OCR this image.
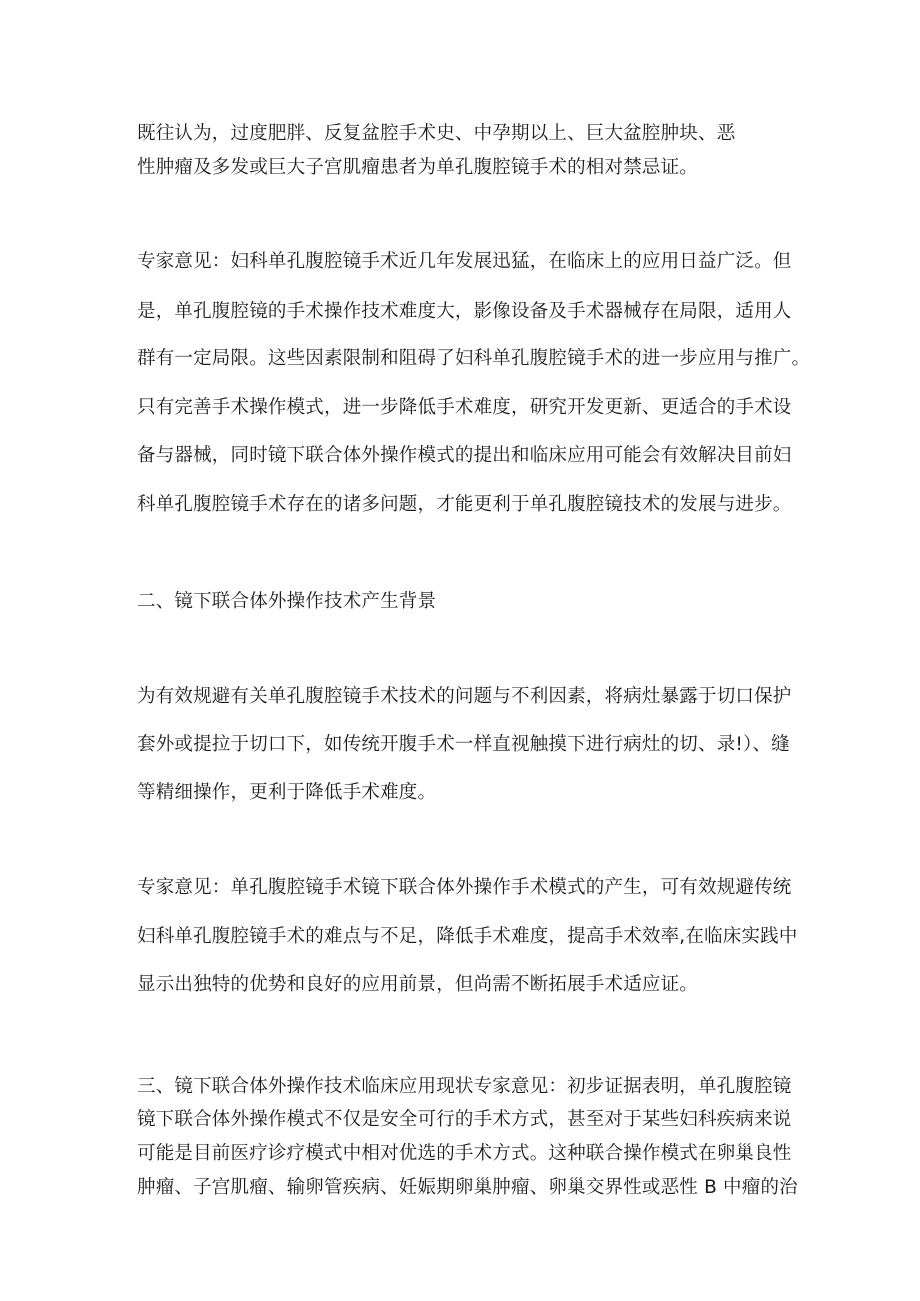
既往认为，过度肥胖、反复盆腔手术史、中孕期以上、巨大盆腔肿块、恶
性肿瘤及多发或巨大子宫肌瘤患者为单孔腹腔镜手术的相对禁忌证。
专家意见：妇科单孔腹腔镜手术近几年发展迅猛，在临床上的应用日益广泛。但
是，单孔腹腔镜的手术操作技术难度大，影像设备及手术器械存在局限，适用人
群有一定局限。这些因素限制和阻碍了妇科单孔腹腔镜手术的进一步应用与推广。
只有完善手术操作模式，进一步降低手术难度，研究开发更新、更适合的手术设
备与器械，同时镜下联合体外操作模式的提出和临床应用可能会有效解决目前妇
科单孔腹腔镜手术存在的诸多问题，才能更利于单孔腹腔镜技术的发展与进步。
二、镜下联合体外操作技术产生背景
为有效规避有关单孔腹腔镜手术技术的问题与不利因素，将病灶暴露于切口保护
套外或提拉于切口下，如传统开腹手术一样直视触摸下进行病灶的切、录!）、缝
等精细操作，更利于降低手术难度。
专家意见：单孔腹腔镜手术镜下联合体外操作手术模式的产生，可有效规避传统
妇科单孔腹腔镜手术的难点与不足，降低手术难度，提高手术效率,在临床实践中
显示出独特的优势和良好的应用前景，但尚需不断拓展手术适应证。
三、镜下联合体外操作技术临床应用现状专家意见：初步证据表明，单孔腹腔镜
镜下联合体外操作模式不仅是安全可行的手术方式，甚至对于某些妇科疾病来说
可能是目前医疗诊疗模式中相对优选的手术方式。这种联合操作模式在卵巢良性
肿瘤、子宫肌瘤、输卵管疾病、妊娠期卵巢肿瘤、卵巢交界性或恶性 B 中瘤的治
